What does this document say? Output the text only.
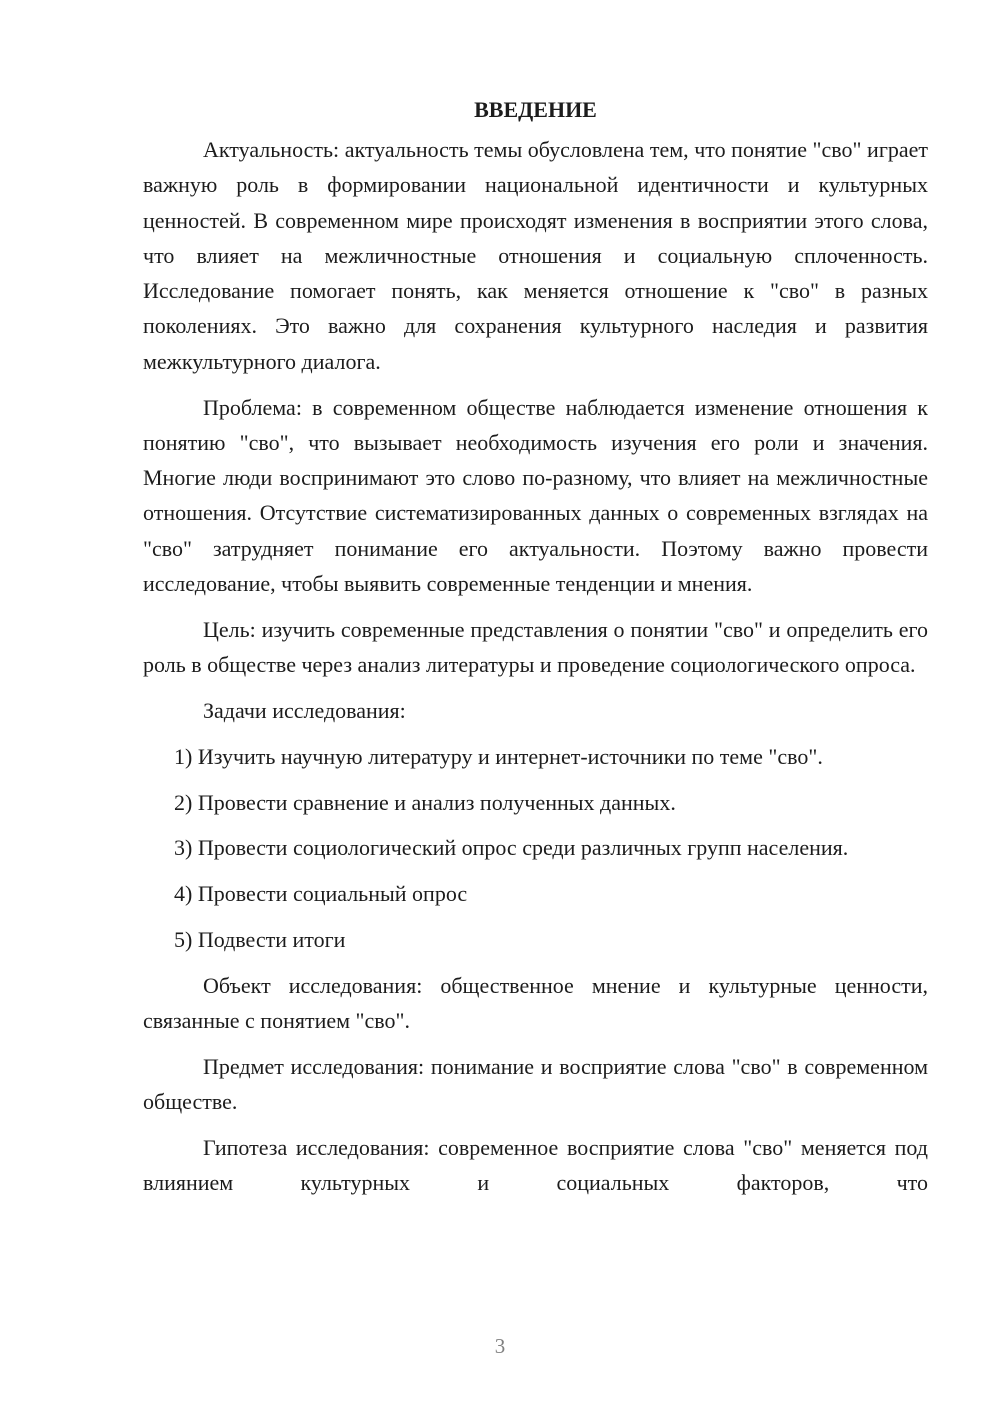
ВВЕДЕНИЕ

Актуальность: актуальность темы обусловлена тем, что понятие "сво" играет важную роль в формировании национальной идентичности и культурных ценностей. В современном мире происходят изменения в восприятии этого слова, что влияет на межличностные отношения и социальную сплоченность. Исследование помогает понять, как меняется отношение к "сво" в разных поколениях. Это важно для сохранения культурного наследия и развития межкультурного диалога.

Проблема: в современном обществе наблюдается изменение отношения к понятию "сво", что вызывает необходимость изучения его роли и значения. Многие люди воспринимают это слово по-разному, что влияет на межличностные отношения. Отсутствие систематизированных данных о современных взглядах на "сво" затрудняет понимание его актуальности. Поэтому важно провести исследование, чтобы выявить современные тенденции и мнения.

Цель: изучить современные представления о понятии "сво" и определить его роль в обществе через анализ литературы и проведение социологического опроса.

Задачи исследования:

1) Изучить научную литературу и интернет-источники по теме "сво".

2) Провести сравнение и анализ полученных данных.

3) Провести социологический опрос среди различных групп населения.

4) Провести социальный опрос

5) Подвести итоги

Объект исследования: общественное мнение и культурные ценности, связанные с понятием "сво".

Предмет исследования: понимание и восприятие слова "сво" в современном обществе.

Гипотеза исследования: современное восприятие слова "сво" меняется под влиянием культурных и социальных факторов, что

3
